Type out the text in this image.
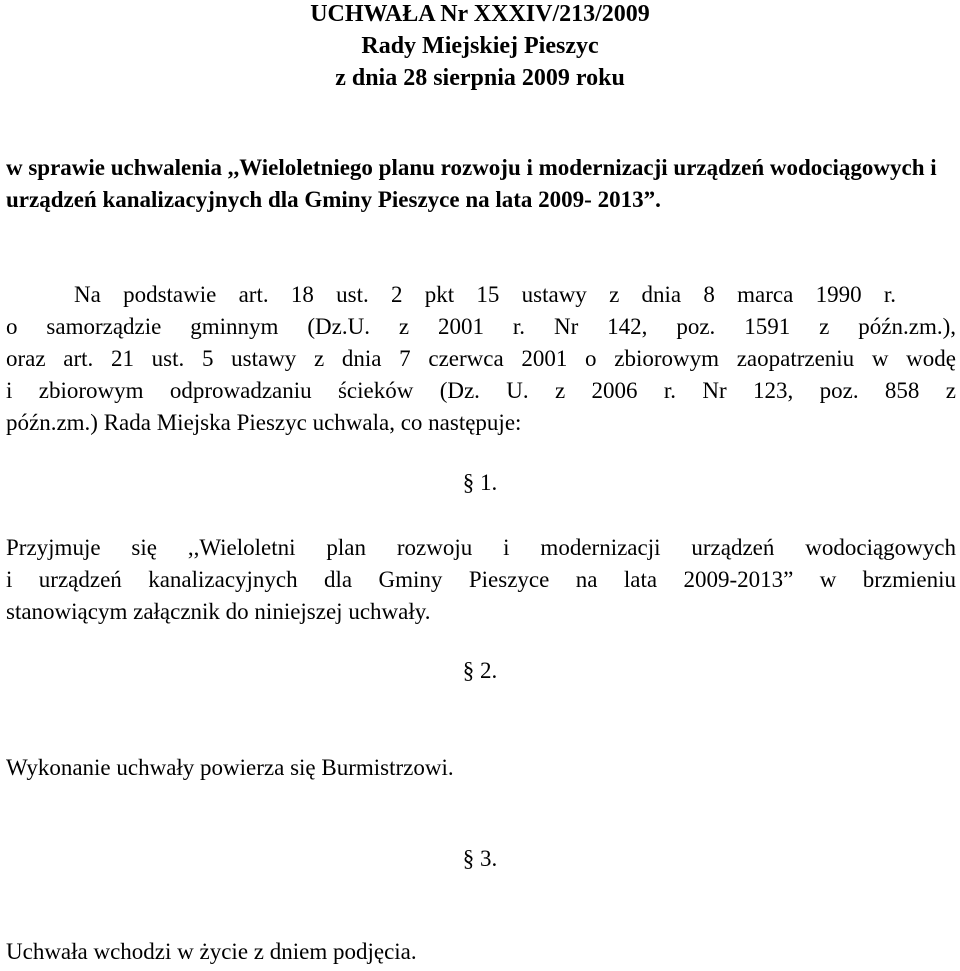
UCHWAŁA Nr XXXIV/213/2009
Rady Miejskiej Pieszyc
z dnia 28 sierpnia 2009 roku
w sprawie uchwalenia ,,Wieloletniego planu rozwoju i modernizacji urządzeń wodociągowych i urządzeń kanalizacyjnych dla Gminy Pieszyce na lata 2009- 2013”.
Na podstawie art. 18 ust. 2 pkt 15 ustawy z dnia 8 marca 1990 r.
o samorządzie gminnym (Dz.U. z 2001 r. Nr 142, poz. 1591 z późn.zm.),
oraz art. 21 ust. 5 ustawy z dnia 7 czerwca 2001 o zbiorowym zaopatrzeniu w wodę
i zbiorowym odprowadzaniu ścieków (Dz. U. z 2006 r. Nr 123, poz. 858 z
późn.zm.) Rada Miejska Pieszyc uchwala, co następuje:
§ 1.
Przyjmuje się ,,Wieloletni plan rozwoju i modernizacji urządzeń wodociągowych
i urządzeń kanalizacyjnych dla Gminy Pieszyce na lata 2009-2013” w brzmieniu
stanowiącym załącznik do niniejszej uchwały.
§ 2.
Wykonanie uchwały powierza się Burmistrzowi.
§ 3.
Uchwała wchodzi w życie z dniem podjęcia.
